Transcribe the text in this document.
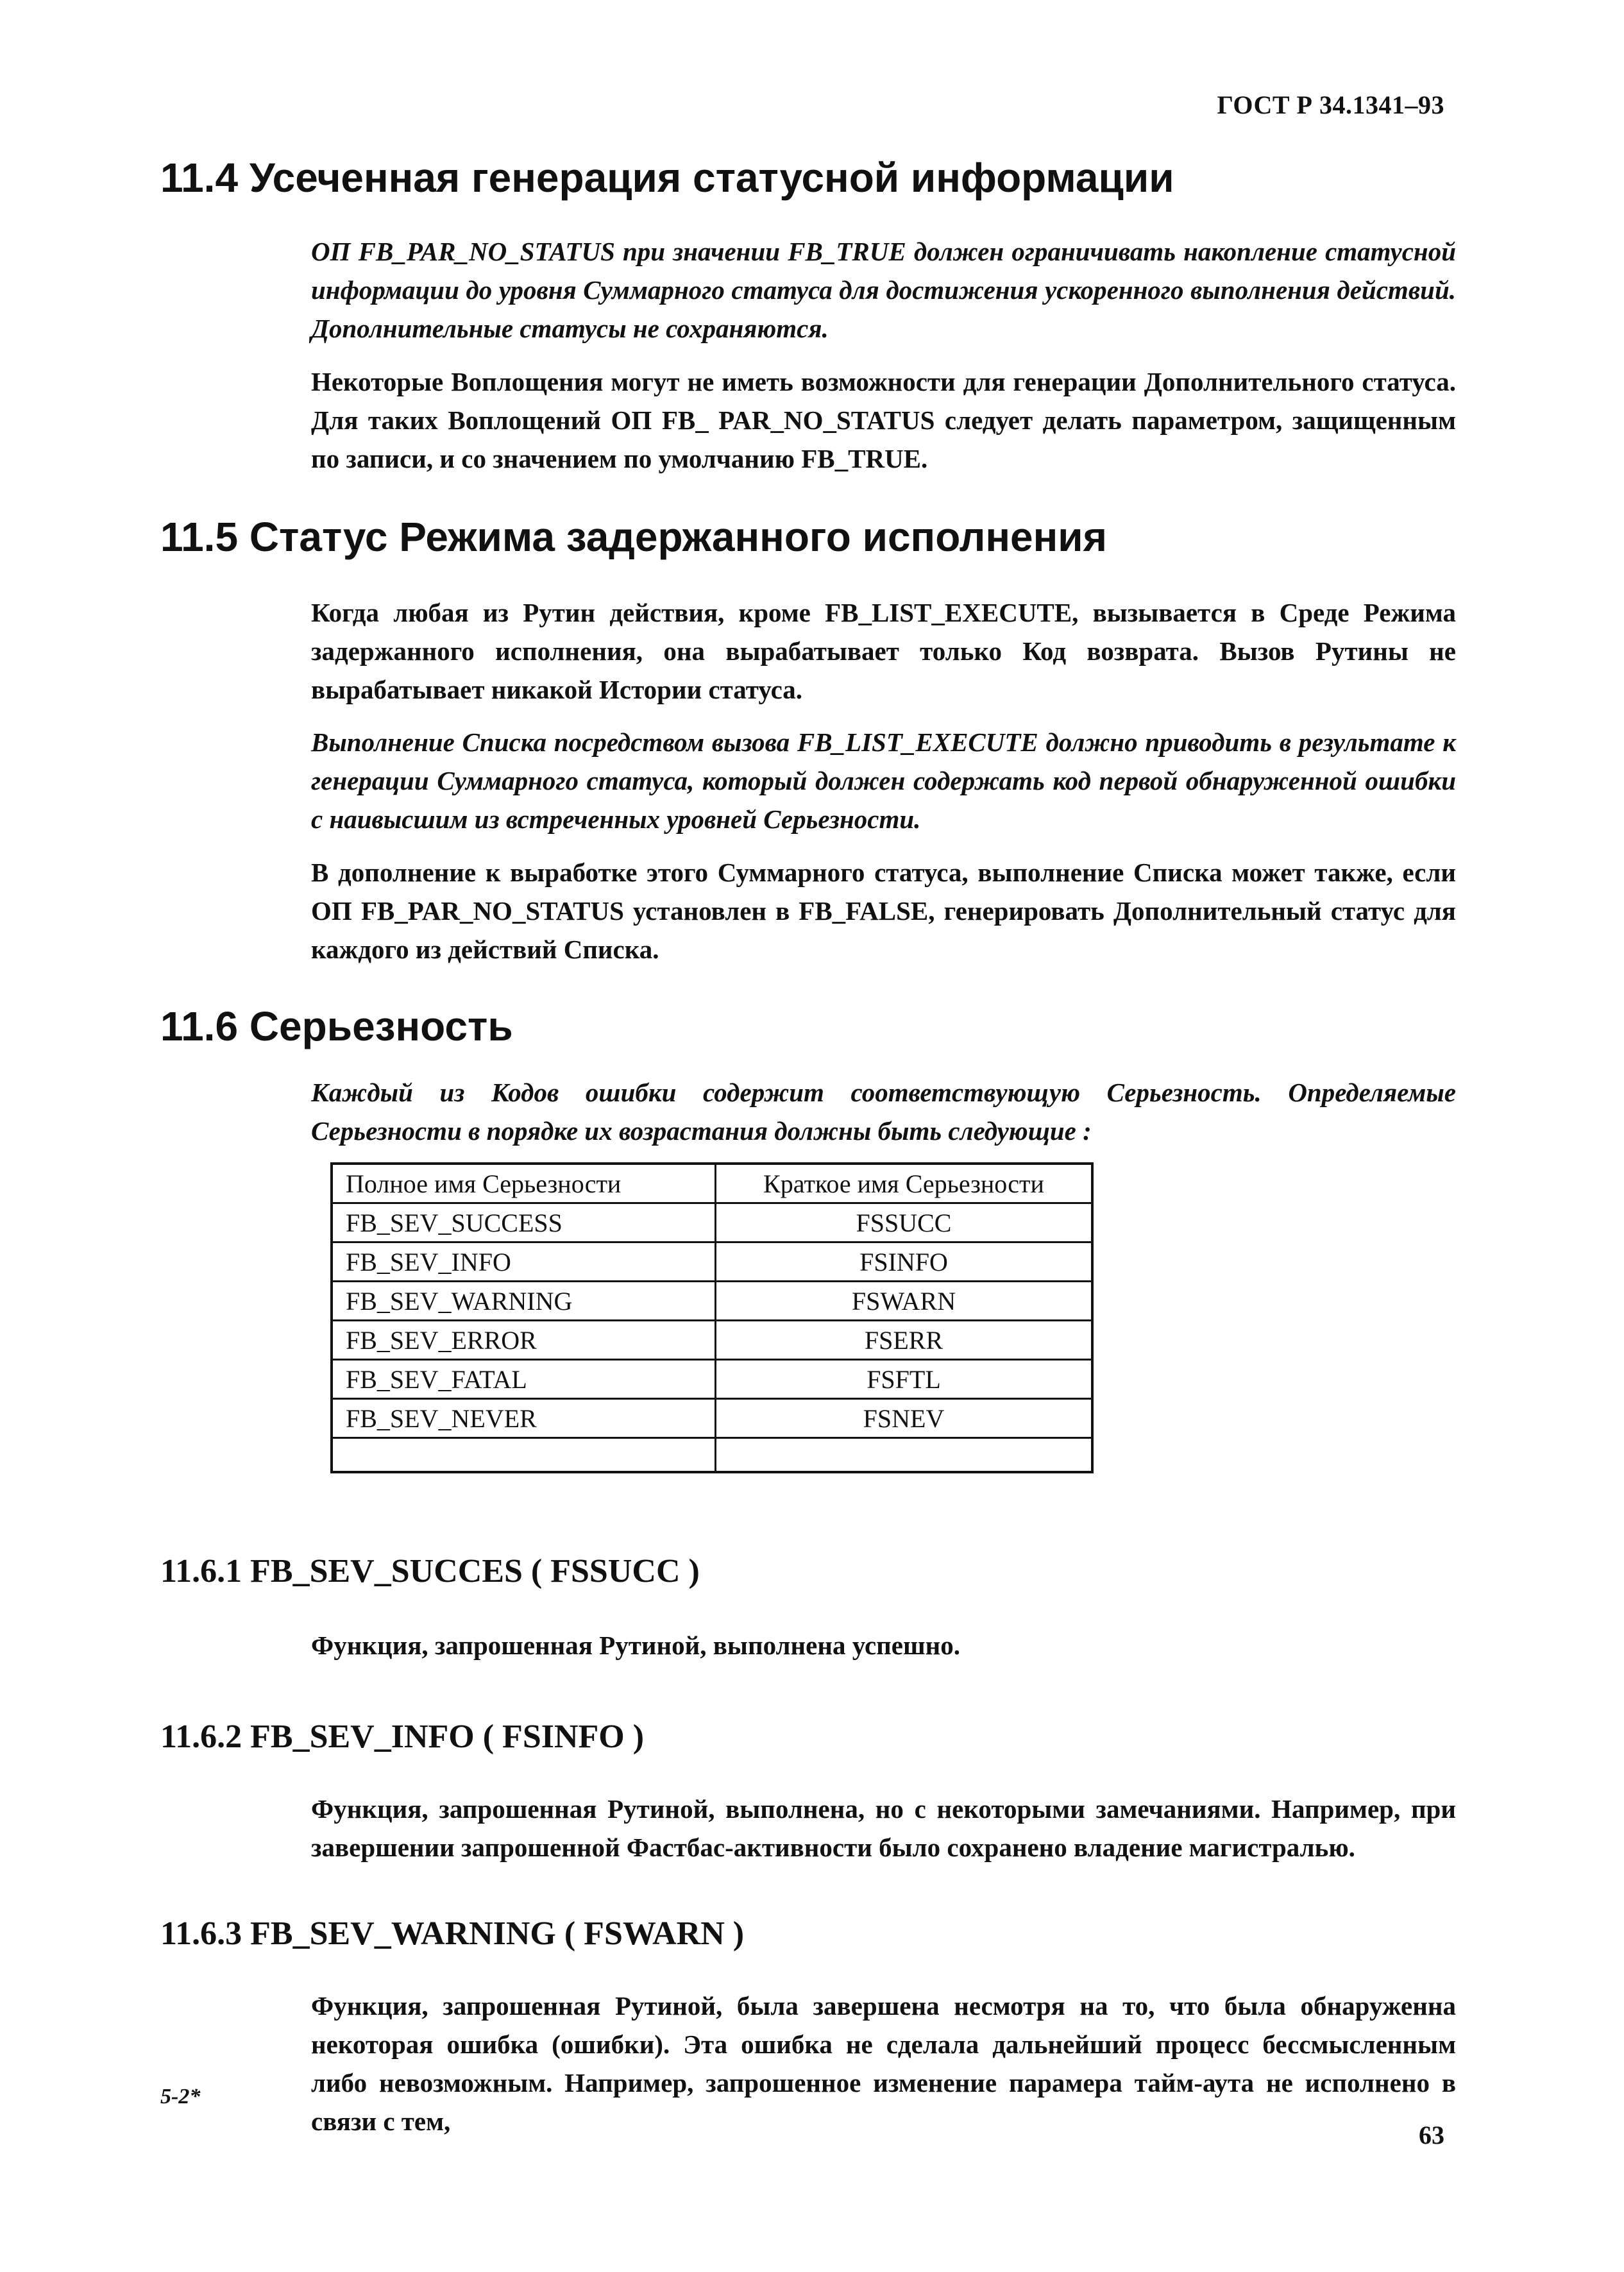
ГОСТ Р 34.1341–93
11.4 Усеченная генерация статусной информации

ОП FB_PAR_NO_STATUS при значении FB_TRUE должен ограничивать накопление статусной информации до уровня Суммарного статуса для достижения ускоренного выполнения действий. Дополнительные статусы не сохраняются.

Некоторые Воплощения могут не иметь возможности для генерации Дополнительного статуса. Для таких Воплощений ОП FB_ PAR_NO_STATUS следует делать параметром, защищенным по записи, и со значением по умолчанию FB_TRUE.

11.5 Статус Режима задержанного исполнения

Когда любая из Рутин действия, кроме FB_LIST_EXECUTE, вызывается в Среде Режима задержанного исполнения, она вырабатывает только Код возврата. Вызов Рутины не вырабатывает никакой Истории статуса.

Выполнение Списка посредством вызова FB_LIST_EXECUTE должно приводить в результате к генерации Суммарного статуса, который должен содержать код первой обнаруженной ошибки с наивысшим из встреченных уровней Серьезности.

В дополнение к выработке этого Суммарного статуса, выполнение Списка может также, если ОП FB_PAR_NO_STATUS установлен в FB_FALSE, генерировать Дополнительный статус для каждого из действий Списка.

11.6 Серьезность

Каждый из Кодов ошибки содержит соответствующую Серьезность. Определяемые Серьезности в порядке их возрастания должны быть следующие :

Полное имя Серьезности	Краткое имя Серьезности
FB_SEV_SUCCESS	FSSUCC
FB_SEV_INFO	FSINFO
FB_SEV_WARNING	FSWARN
FB_SEV_ERROR	FSERR
FB_SEV_FATAL	FSFTL
FB_SEV_NEVER	FSNEV

11.6.1 FB_SEV_SUCCES ( FSSUCC )

Функция, запрошенная Рутиной, выполнена успешно.

11.6.2 FB_SEV_INFO ( FSINFO )

Функция, запрошенная Рутиной, выполнена, но с некоторыми замечаниями. Например, при завершении запрошенной Фастбас-активности было сохранено владение магистралью.

11.6.3 FB_SEV_WARNING ( FSWARN )

Функция, запрошенная Рутиной, была завершена несмотря на то, что была обнаруженна некоторая ошибка (ошибки). Эта ошибка не сделала дальнейший процесс бессмысленным либо невозможным. Например, запрошенное изменение паpамера тайм-аута не исполнено в связи с тем,

5-2*
63
